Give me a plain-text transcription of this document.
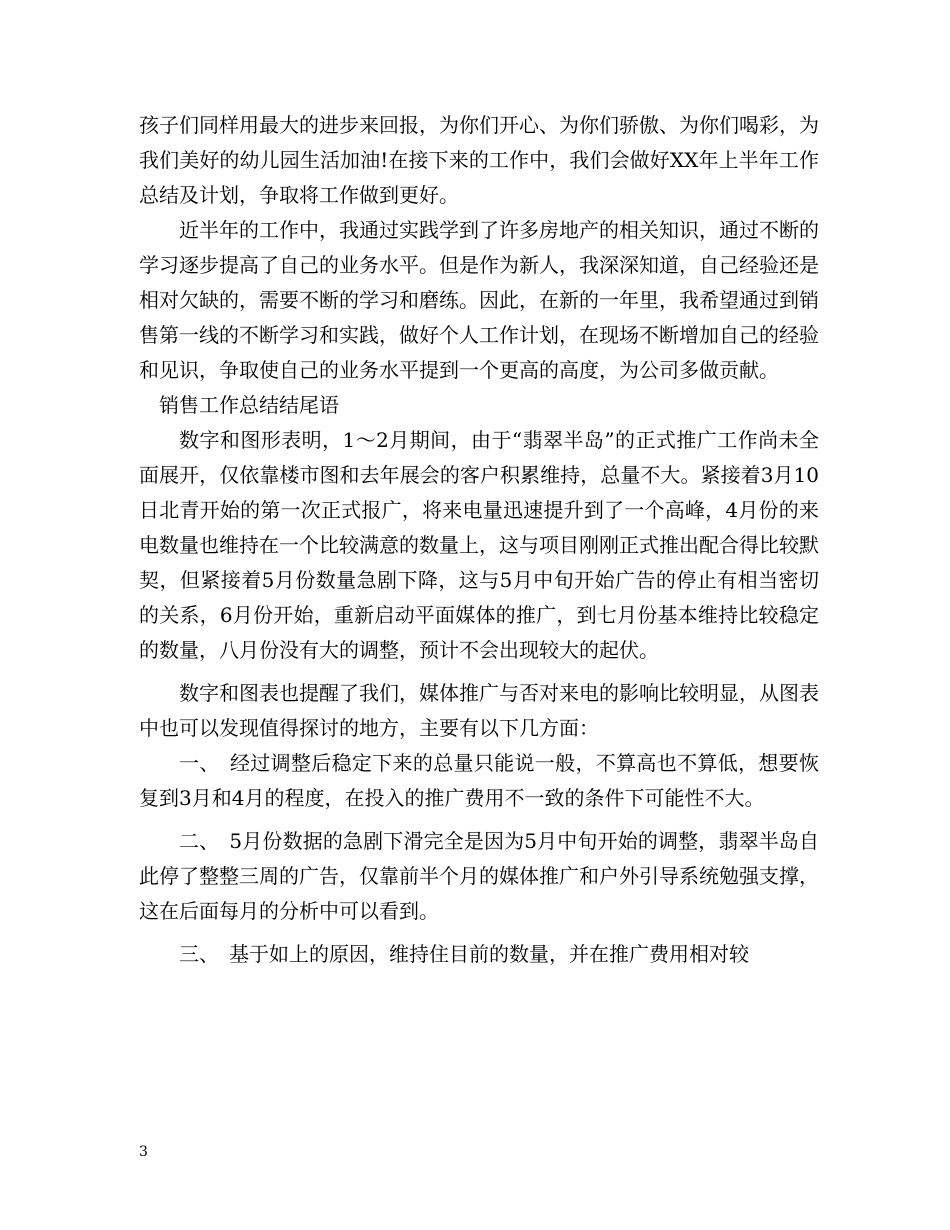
孩子们同样用最大的进步来回报，为你们开心、为你们骄傲、为你们喝彩，为我们美好的幼儿园生活加油!在接下来的工作中，我们会做好XX年上半年工作总结及计划，争取将工作做到更好。

近半年的工作中，我通过实践学到了许多房地产的相关知识，通过不断的学习逐步提高了自己的业务水平。但是作为新人，我深深知道，自己经验还是相对欠缺的，需要不断的学习和磨练。因此，在新的一年里，我希望通过到销售第一线的不断学习和实践，做好个人工作计划，在现场不断增加自己的经验和见识，争取使自己的业务水平提到一个更高的高度，为公司多做贡献。

销售工作总结结尾语

数字和图形表明，1～2月期间，由于“翡翠半岛”的正式推广工作尚未全面展开，仅依靠楼市图和去年展会的客户积累维持，总量不大。紧接着3月10日北青开始的第一次正式报广，将来电量迅速提升到了一个高峰，4月份的来电数量也维持在一个比较满意的数量上，这与项目刚刚正式推出配合得比较默契，但紧接着5月份数量急剧下降，这与5月中旬开始广告的停止有相当密切的关系，6月份开始，重新启动平面媒体的推广，到七月份基本维持比较稳定的数量，八月份没有大的调整，预计不会出现较大的起伏。

数字和图表也提醒了我们，媒体推广与否对来电的影响比较明显，从图表中也可以发现值得探讨的地方，主要有以下几方面：

一、　经过调整后稳定下来的总量只能说一般，不算高也不算低，想要恢复到3月和4月的程度，在投入的推广费用不一致的条件下可能性不大。

二、　5月份数据的急剧下滑完全是因为5月中旬开始的调整，翡翠半岛自此停了整整三周的广告，仅靠前半个月的媒体推广和户外引导系统勉强支撑，这在后面每月的分析中可以看到。

三、　基于如上的原因，维持住目前的数量，并在推广费用相对较

3
